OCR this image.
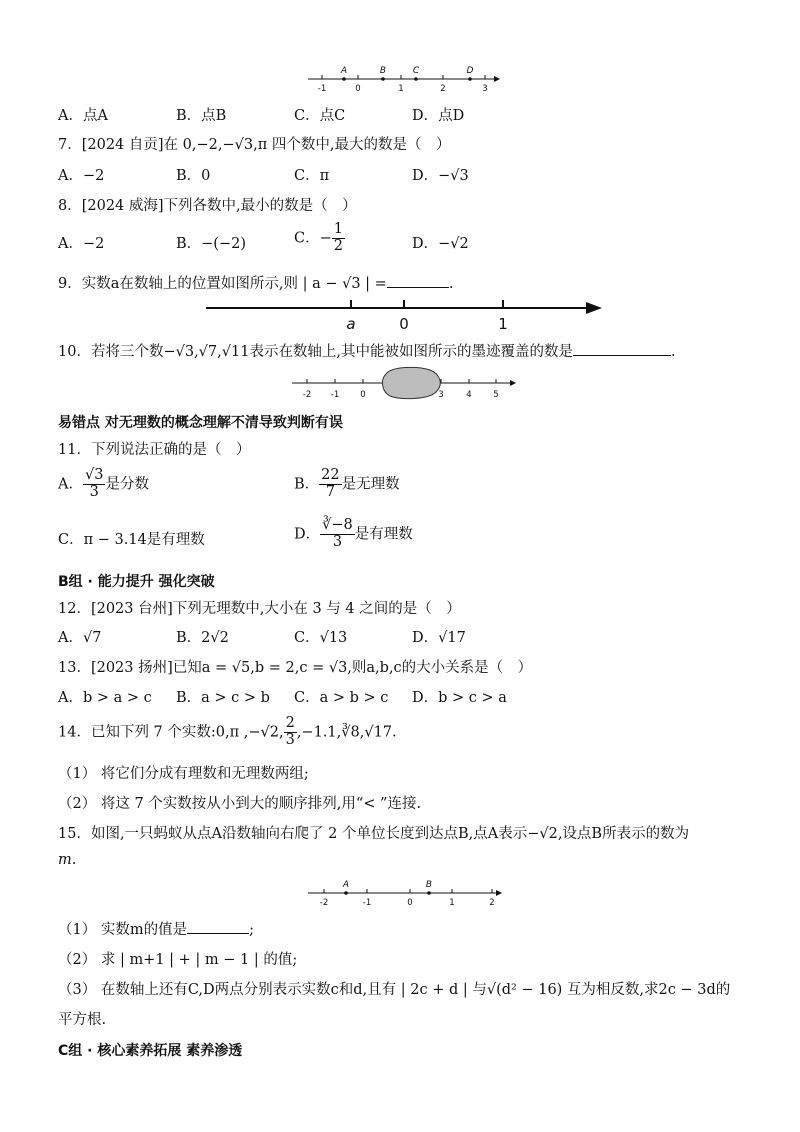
-1	0	1	2	3
A	B	C	D
A．点A	B．点B	C．点C	D．点D
7．[2024 自贡]在 0,−2,−√3,π 四个数中,最大的数是（　）
A．−2	B．0	C．π	D．−√3
8．[2024 威海]下列各数中,最小的数是（　）
A．−2	B．−(−2)	C．− $\frac{1}{2}$	D．−√2
9．实数a在数轴上的位置如图所示,则 | a − √3 | =	.
a	0	1
10．若将三个数−√3,√7,√11表示在数轴上,其中能被如图所示的墨迹覆盖的数是	.
-2 -1 0	3	4	5
易错点 对无理数的概念理解不清导致判断有误
11．下列说法正确的是（　）
A． $\frac{√3}{3}$ 是分数	B． $\frac{22}{7}$ 是无理数
C．π − 3.14是有理数	D． $\frac{∛-8}{3}$ 是有理数
B组 · 能力提升 强化突破
12．[2023 台州]下列无理数中,大小在 3 与 4 之间的是（　）
A．√7	B．2√2	C．√13	D．√17
13．[2023 扬州]已知a = √5,b = 2,c = √3,则a,b,c的大小关系是（　）
A．b > a > c B．a > c > b C．a > b > c D．b > c > a
14．已知下列 7 个实数:0,π ,−√2, $\frac{2}{3}$ ,−1.1,∛8,√17.
（1） 将它们分成有理数和无理数两组;
（2） 将这 7 个实数按从小到大的顺序排列,用“< ”连接.
15．如图,一只蚂蚁从点A沿数轴向右爬了 2 个单位长度到达点B,点A表示−√2,设点B所表示的数为
m.
-2	-1	0	1	2
A	B
（1） 实数m的值是	;
（2） 求 | m+1 | + | m − 1 | 的值;
（3） 在数轴上还有C,D两点分别表示实数c和d,且有 | 2c + d | 与√(d² − 16) 互为相反数,求2c − 3d的
平方根.
C组 · 核心素养拓展 素养渗透
